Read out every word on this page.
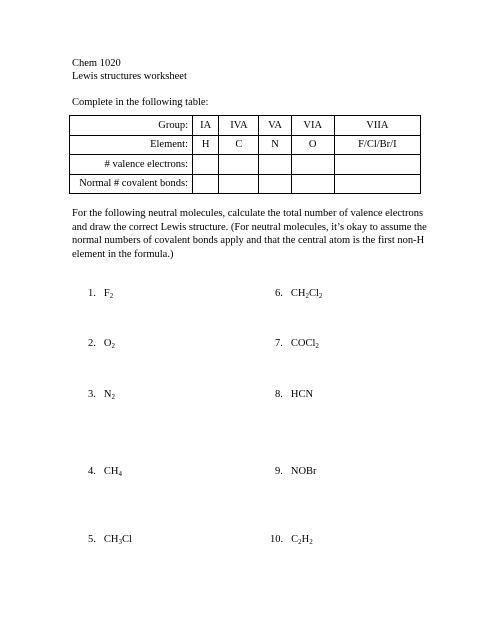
Chem 1020
Lewis structures worksheet
Complete in the following table:
Group:	IA	IVA	VA	VIA	VIIA
Element:	H	C	N	O	F/Cl/Br/I
# valence electrons:					
Normal # covalent bonds:					
For the following neutral molecules, calculate the total number of valence electrons and draw the correct Lewis structure. (For neutral molecules, it’s okay to assume the normal numbers of covalent bonds apply and that the central atom is the first non-H element in the formula.)
1. $F_2$
2. $O_2$
3. $N_2$
4. $CH_4$
5. $CH_3Cl$
6. $CH_2Cl_2$
7. COCl$_2$
8. HCN
9. NOBr
10. $C_2H_2$
